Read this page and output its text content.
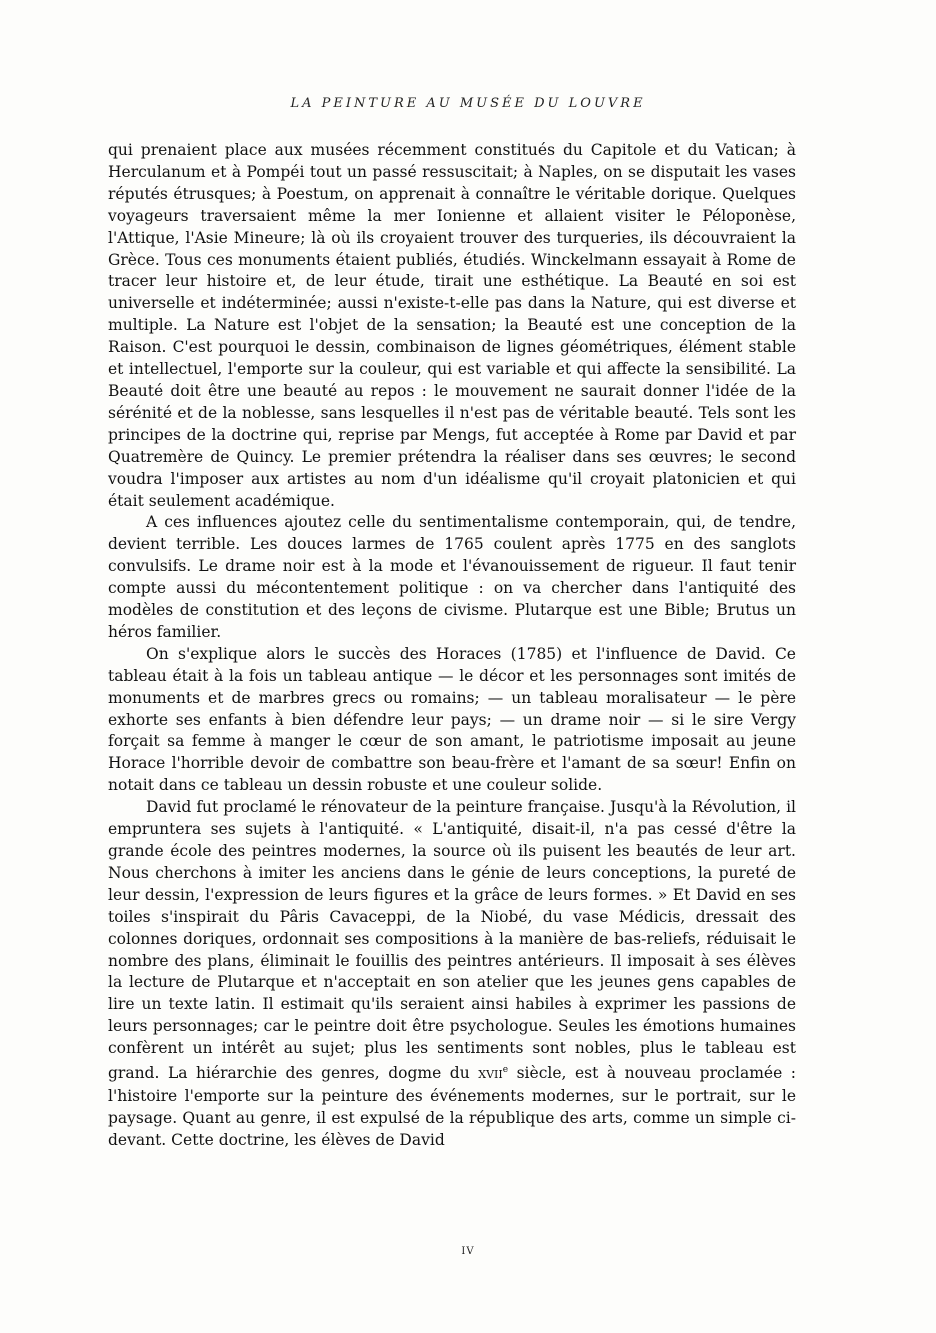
LA PEINTURE AU MUSÉE DU LOUVRE

qui prenaient place aux musées récemment constitués du Capitole et du Vatican; à Herculanum et à Pompéi tout un passé ressuscitait; à Naples, on se disputait les vases réputés étrusques; à Poestum, on apprenait à connaître le véritable dorique. Quelques voyageurs traversaient même la mer Ionienne et allaient visiter le Péloponèse, l'Attique, l'Asie Mineure; là où ils croyaient trouver des turqueries, ils découvraient la Grèce. Tous ces monuments étaient publiés, étudiés. Winckelmann essayait à Rome de tracer leur histoire et, de leur étude, tirait une esthétique. La Beauté en soi est universelle et indéterminée; aussi n'existe-t-elle pas dans la Nature, qui est diverse et multiple. La Nature est l'objet de la sensation; la Beauté est une conception de la Raison. C'est pourquoi le dessin, combinaison de lignes géométriques, élément stable et intellectuel, l'emporte sur la couleur, qui est variable et qui affecte la sensibilité. La Beauté doit être une beauté au repos : le mouvement ne saurait donner l'idée de la sérénité et de la noblesse, sans lesquelles il n'est pas de véritable beauté. Tels sont les principes de la doctrine qui, reprise par Mengs, fut acceptée à Rome par David et par Quatremère de Quincy. Le premier prétendra la réaliser dans ses œuvres; le second voudra l'imposer aux artistes au nom d'un idéalisme qu'il croyait platonicien et qui était seulement académique.

A ces influences ajoutez celle du sentimentalisme contemporain, qui, de tendre, devient terrible. Les douces larmes de 1765 coulent après 1775 en des sanglots convulsifs. Le drame noir est à la mode et l'évanouissement de rigueur. Il faut tenir compte aussi du mécontentement politique : on va chercher dans l'antiquité des modèles de constitution et des leçons de civisme. Plutarque est une Bible; Brutus un héros familier.

On s'explique alors le succès des Horaces (1785) et l'influence de David. Ce tableau était à la fois un tableau antique — le décor et les personnages sont imités de monuments et de marbres grecs ou romains; — un tableau moralisateur — le père exhorte ses enfants à bien défendre leur pays; — un drame noir — si le sire Vergy forçait sa femme à manger le cœur de son amant, le patriotisme imposait au jeune Horace l'horrible devoir de combattre son beau-frère et l'amant de sa sœur! Enfin on notait dans ce tableau un dessin robuste et une couleur solide.

David fut proclamé le rénovateur de la peinture française. Jusqu'à la Révolution, il empruntera ses sujets à l'antiquité. « L'antiquité, disait-il, n'a pas cessé d'être la grande école des peintres modernes, la source où ils puisent les beautés de leur art. Nous cherchons à imiter les anciens dans le génie de leurs conceptions, la pureté de leur dessin, l'expression de leurs figures et la grâce de leurs formes. » Et David en ses toiles s'inspirait du Pâris Cavaceppi, de la Niobé, du vase Médicis, dressait des colonnes doriques, ordonnait ses compositions à la manière de bas-reliefs, réduisait le nombre des plans, éliminait le fouillis des peintres antérieurs. Il imposait à ses élèves la lecture de Plutarque et n'acceptait en son atelier que les jeunes gens capables de lire un texte latin. Il estimait qu'ils seraient ainsi habiles à exprimer les passions de leurs personnages; car le peintre doit être psychologue. Seules les émotions humaines confèrent un intérêt au sujet; plus les sentiments sont nobles, plus le tableau est grand. La hiérarchie des genres, dogme du XVIIe siècle, est à nouveau proclamée : l'histoire l'emporte sur la peinture des événements modernes, sur le portrait, sur le paysage. Quant au genre, il est expulsé de la république des arts, comme un simple ci-devant. Cette doctrine, les élèves de David

IV
